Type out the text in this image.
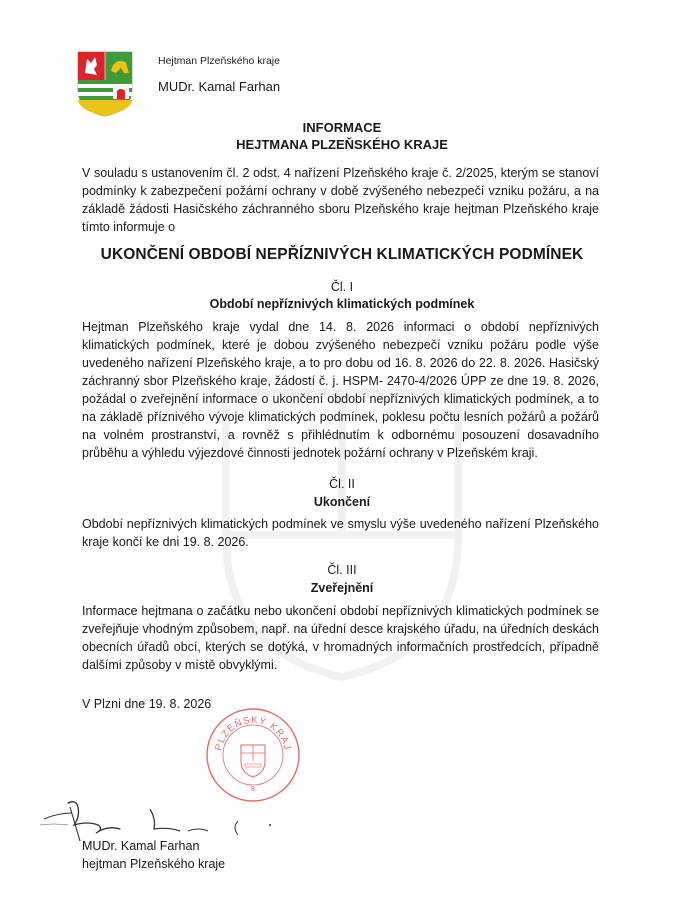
Hejtman Plzeňského kraje
MUDr. Kamal Farhan
INFORMACE
HEJTMANA PLZEŇSKÉHO KRAJE
V souladu s ustanovením čl. 2 odst. 4 nařízení Plzeňského kraje č. 2/2025, kterým se stanoví podmínky k zabezpečení požární ochrany v době zvýšeného nebezpečí vzniku požáru, a na základě žádosti Hasičského záchranného sboru Plzeňského kraje hejtman Plzeňského kraje tímto informuje o
UKONČENÍ OBDOBÍ NEPŘÍZNIVÝCH KLIMATICKÝCH PODMÍNEK
Čl. I
Období nepříznivých klimatických podmínek
Hejtman Plzeňského kraje vydal dne 14. 8. 2026 informaci o období nepříznivých klimatických podmínek, které je dobou zvýšeného nebezpečí vzniku požáru podle výše uvedeného nařízení Plzeňského kraje, a to pro dobu od 16. 8. 2026 do 22. 8. 2026. Hasičský záchranný sbor Plzeňského kraje, žádostí č. j. HSPM- 2470-4/2026 ÚPP ze dne 19. 8. 2026, požádal o zveřejnění informace o ukončení období nepříznivých klimatických podmínek, a to na základě příznivého vývoje klimatických podmínek, poklesu počtu lesních požárů a požárů na volném prostranství, a rovněž s přihlédnutím k odbornému posouzení dosavadního průběhu a výhledu výjezdové činnosti jednotek požární ochrany v Plzeňském kraji.
Čl. II
Ukončení
Období nepříznivých klimatických podmínek ve smyslu výše uvedeného nařízení Plzeňského kraje končí ke dni 19. 8. 2026.
Čl. III
Zveřejnění
Informace hejtmana o začátku nebo ukončení období nepříznivých klimatických podmínek se zveřejňuje vhodným způsobem, např. na úřední desce krajského úřadu, na úředních deskách obecních úřadů obcí, kterých se dotýká, v hromadných informačních prostředcích, případně dalšími způsoby v místě obvyklými.
V Plzni dne 19. 8. 2026
PLZEŇSKÝ KRAJ
8
MUDr. Kamal Farhan
hejtman Plzeňského kraje
